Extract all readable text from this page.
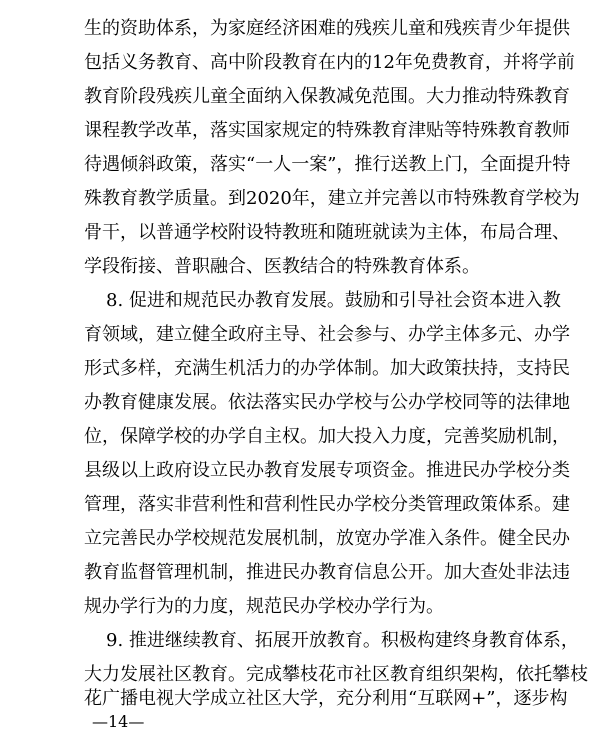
生的资助体系，为家庭经济困难的残疾儿童和残疾青少年提供
包括义务教育、高中阶段教育在内的12年免费教育，并将学前
教育阶段残疾儿童全面纳入保教减免范围。大力推动特殊教育
课程教学改革，落实国家规定的特殊教育津贴等特殊教育教师
待遇倾斜政策，落实“一人一案”，推行送教上门，全面提升特
殊教育教学质量。到2020年，建立并完善以市特殊教育学校为
骨干，以普通学校附设特教班和随班就读为主体，布局合理、
学段衔接、普职融合、医教结合的特殊教育体系。
8. 促进和规范民办教育发展。鼓励和引导社会资本进入教
育领域，建立健全政府主导、社会参与、办学主体多元、办学
形式多样，充满生机活力的办学体制。加大政策扶持，支持民
办教育健康发展。依法落实民办学校与公办学校同等的法律地
位，保障学校的办学自主权。加大投入力度，完善奖励机制，
县级以上政府设立民办教育发展专项资金。推进民办学校分类
管理，落实非营利性和营利性民办学校分类管理政策体系。建
立完善民办学校规范发展机制，放宽办学准入条件。健全民办
教育监督管理机制，推进民办教育信息公开。加大查处非法违
规办学行为的力度，规范民办学校办学行为。
9. 推进继续教育、拓展开放教育。积极构建终身教育体系，
大力发展社区教育。完成攀枝花市社区教育组织架构，依托攀枝
花广播电视大学成立社区大学，充分利用“互联网+”，逐步构
—14—
